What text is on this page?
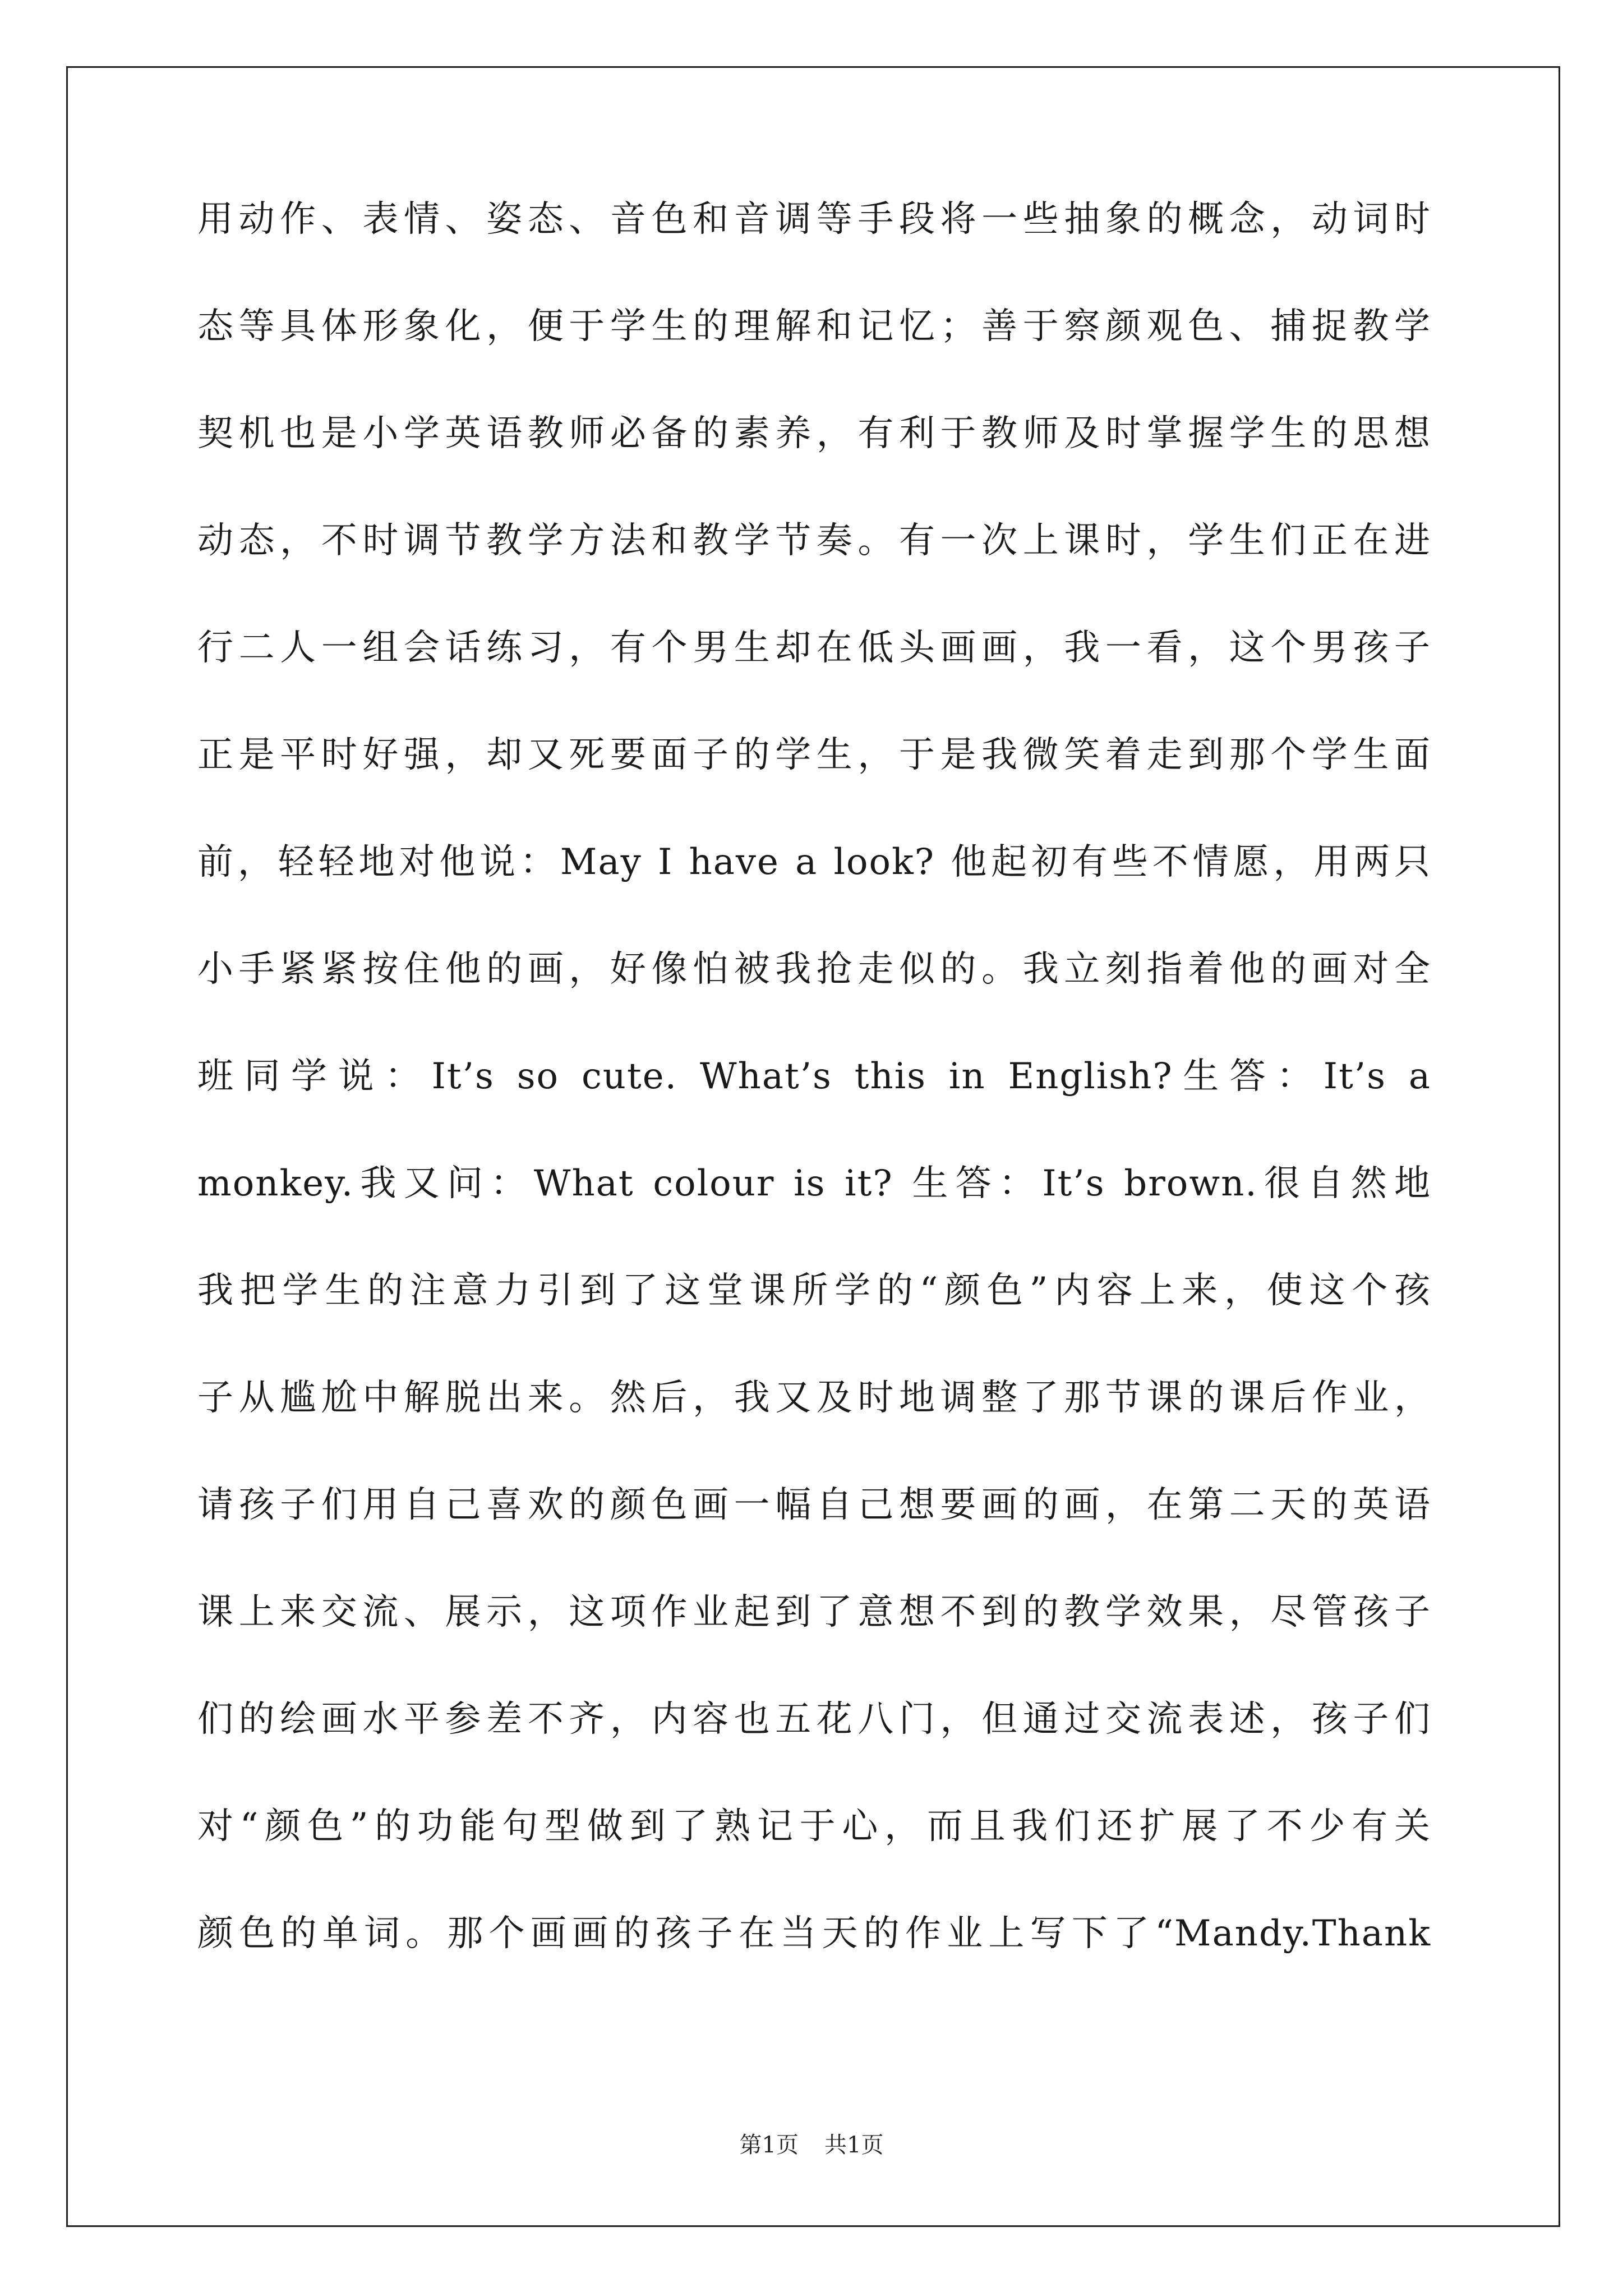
用动作、表情、姿态、音色和音调等手段将一些抽象的概念，动词时
态等具体形象化，便于学生的理解和记忆；善于察颜观色、捕捉教学
契机也是小学英语教师必备的素养，有利于教师及时掌握学生的思想
动态，不时调节教学方法和教学节奏。有一次上课时，学生们正在进
行二人一组会话练习，有个男生却在低头画画，我一看，这个男孩子
正是平时好强，却又死要面子的学生，于是我微笑着走到那个学生面
前，轻轻地对他说：May I have a look? 他起初有些不情愿，用两只
小手紧紧按住他的画，好像怕被我抢走似的。我立刻指着他的画对全
班同学说：It’s so cute. What’s this in English?生答：It’s a
monkey.我又问：What colour is it? 生答：It’s brown.很自然地
我把学生的注意力引到了这堂课所学的“颜色”内容上来，使这个孩
子从尴尬中解脱出来。然后，我又及时地调整了那节课的课后作业，
请孩子们用自己喜欢的颜色画一幅自己想要画的画，在第二天的英语
课上来交流、展示，这项作业起到了意想不到的教学效果，尽管孩子
们的绘画水平参差不齐，内容也五花八门，但通过交流表述，孩子们
对“颜色”的功能句型做到了熟记于心，而且我们还扩展了不少有关
颜色的单词。那个画画的孩子在当天的作业上写下了“Mandy.Thank
第1页 共1页
